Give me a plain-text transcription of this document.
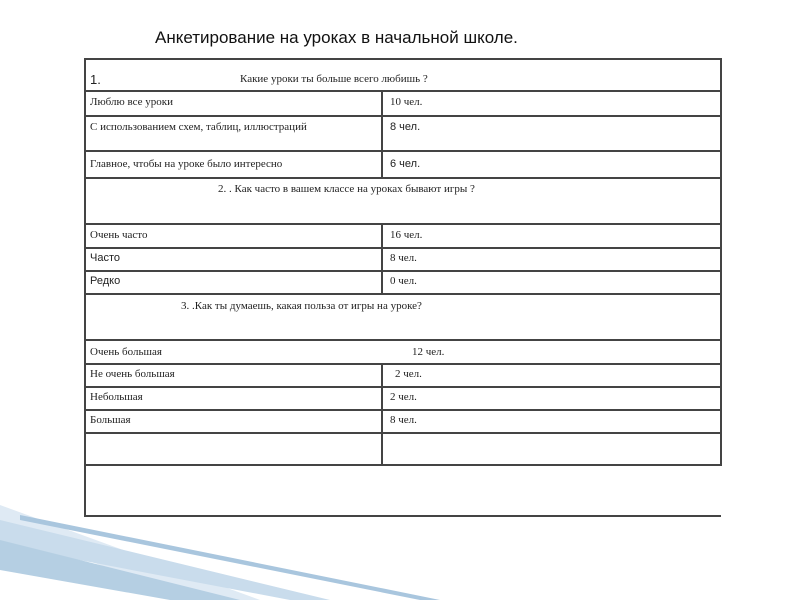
Анкетирование на уроках в начальной школе.
1.	Какие уроки ты больше всего любишь ?
Люблю все уроки	10 чел.
С использованием схем, таблиц, иллюстраций	8 чел.
Главное, чтобы на уроке было интересно	6 чел.
2. . Как часто в вашем классе на уроках бывают игры ?
Очень часто	16 чел.
Часто	8 чел.
Редко	0 чел.
3. .Как ты думаешь, какая польза от игры на уроке?
Очень большая	12 чел.
Не очень большая	2 чел.
Небольшая	2 чел.
Большая	8 чел.
